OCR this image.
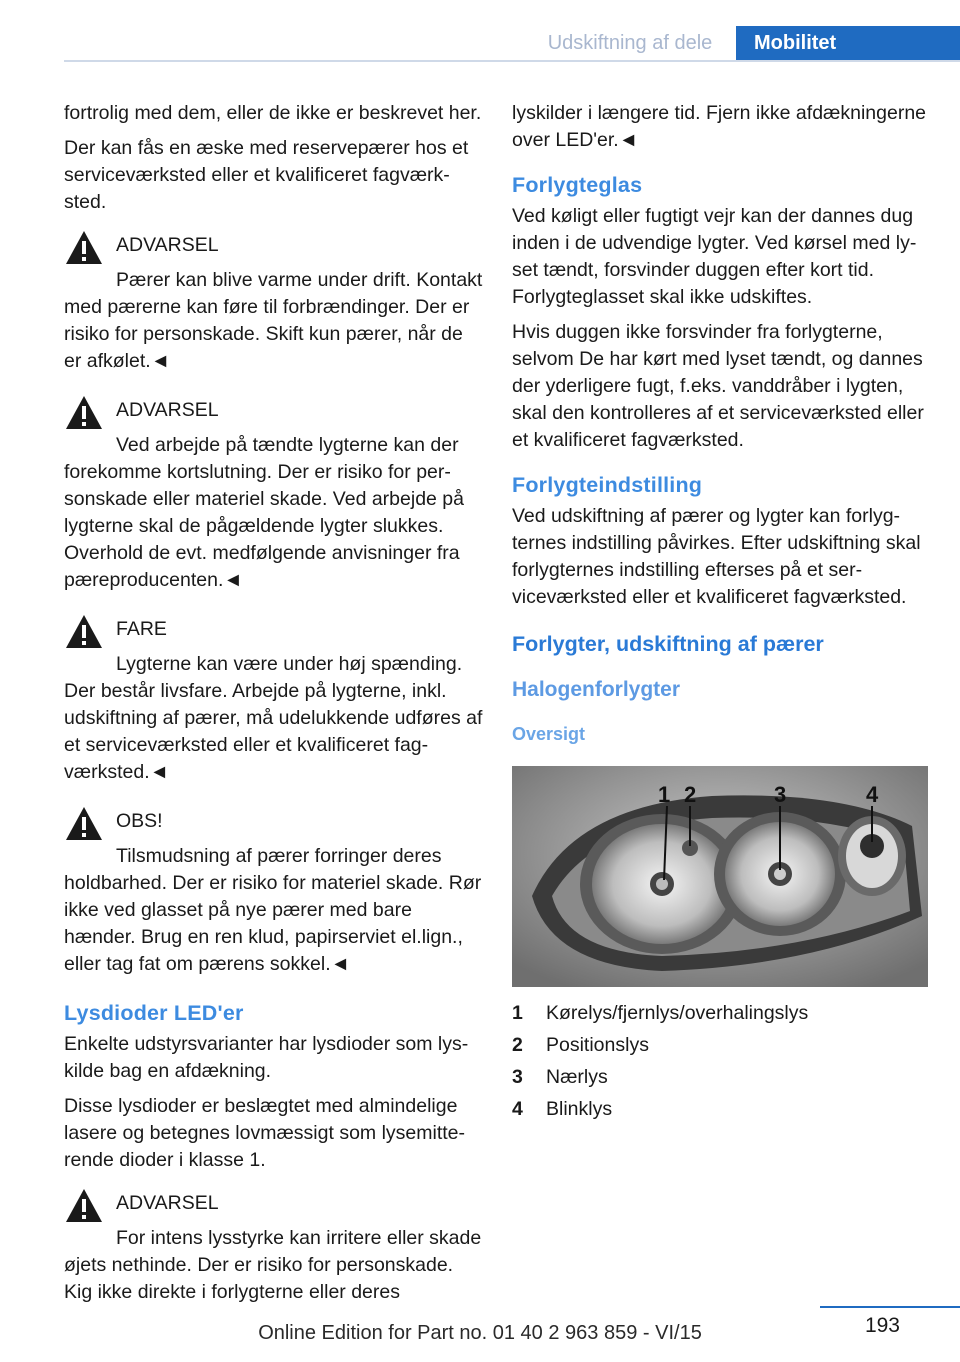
Udskiftning af dele	Mobilitet

fortrolig med dem, eller de ikke er beskrevet her.

Der kan fås en æske med reservepærer hos et serviceværksted eller et kvalificeret fagværksted.

ADVARSEL
Pærer kan blive varme under drift. Kontakt med pærerne kan føre til forbrændinger. Der er risiko for personskade. Skift kun pærer, når de er afkølet.◄
ADVARSEL
Ved arbejde på tændte lygterne kan der forekomme kortslutning. Der er risiko for personskade eller materiel skade. Ved arbejde på lygterne skal de pågældende lygter slukkes. Overhold de evt. medfølgende anvisninger fra pæreproducenten.◄
FARE
Lygterne kan være under høj spænding. Der består livsfare. Arbejde på lygterne, inkl. udskiftning af pærer, må udelukkende udføres af et serviceværksted eller et kvalificeret fagværksted.◄
OBS!
Tilsmudsning af pærer forringer deres holdbarhed. Der er risiko for materiel skade. Rør ikke ved glasset på nye pærer med bare hænder. Brug en ren klud, papirserviet el.lign., eller tag fat om pærens sokkel.◄
Lysdioder LED'er

Enkelte udstyrsvarianter har lysdioder som lyskilde bag en afdækning.

Disse lysdioder er beslægtet med almindelige lasere og betegnes lovmæssigt som lysemitterende dioder i klasse 1.

ADVARSEL
For intens lysstyrke kan irritere eller skade øjets nethinde. Der er risiko for personskade. Kig ikke direkte i forlygterne eller deres

lyskilder i længere tid. Fjern ikke afdækningerne over LED'er.◄

Forlygteglas

Ved køligt eller fugtigt vejr kan der dannes dug inden i de udvendige lygter. Ved kørsel med lyset tændt, forsvinder duggen efter kort tid. Forlygteglasset skal ikke udskiftes.

Hvis duggen ikke forsvinder fra forlygterne, selvom De har kørt med lyset tændt, og dannes der yderligere fugt, f.eks. vanddråber i lygten, skal den kontrolleres af et serviceværksted eller et kvalificeret fagværksted.

Forlygteindstilling

Ved udskiftning af pærer og lygter kan forlygternes indstilling påvirkes. Efter udskiftning skal forlygternes indstilling efterses på et serviceværksted eller et kvalificeret fagværksted.

Forlygter, udskiftning af pærer
Halogenforlygter
Oversigt
1 2	3	4
1	Kørelys/fjernlys/overhalingslys
2	Positionslys
3	Nærlys
4	Blinklys
193
Online Edition for Part no. 01 40 2 963 859 - VI/15
